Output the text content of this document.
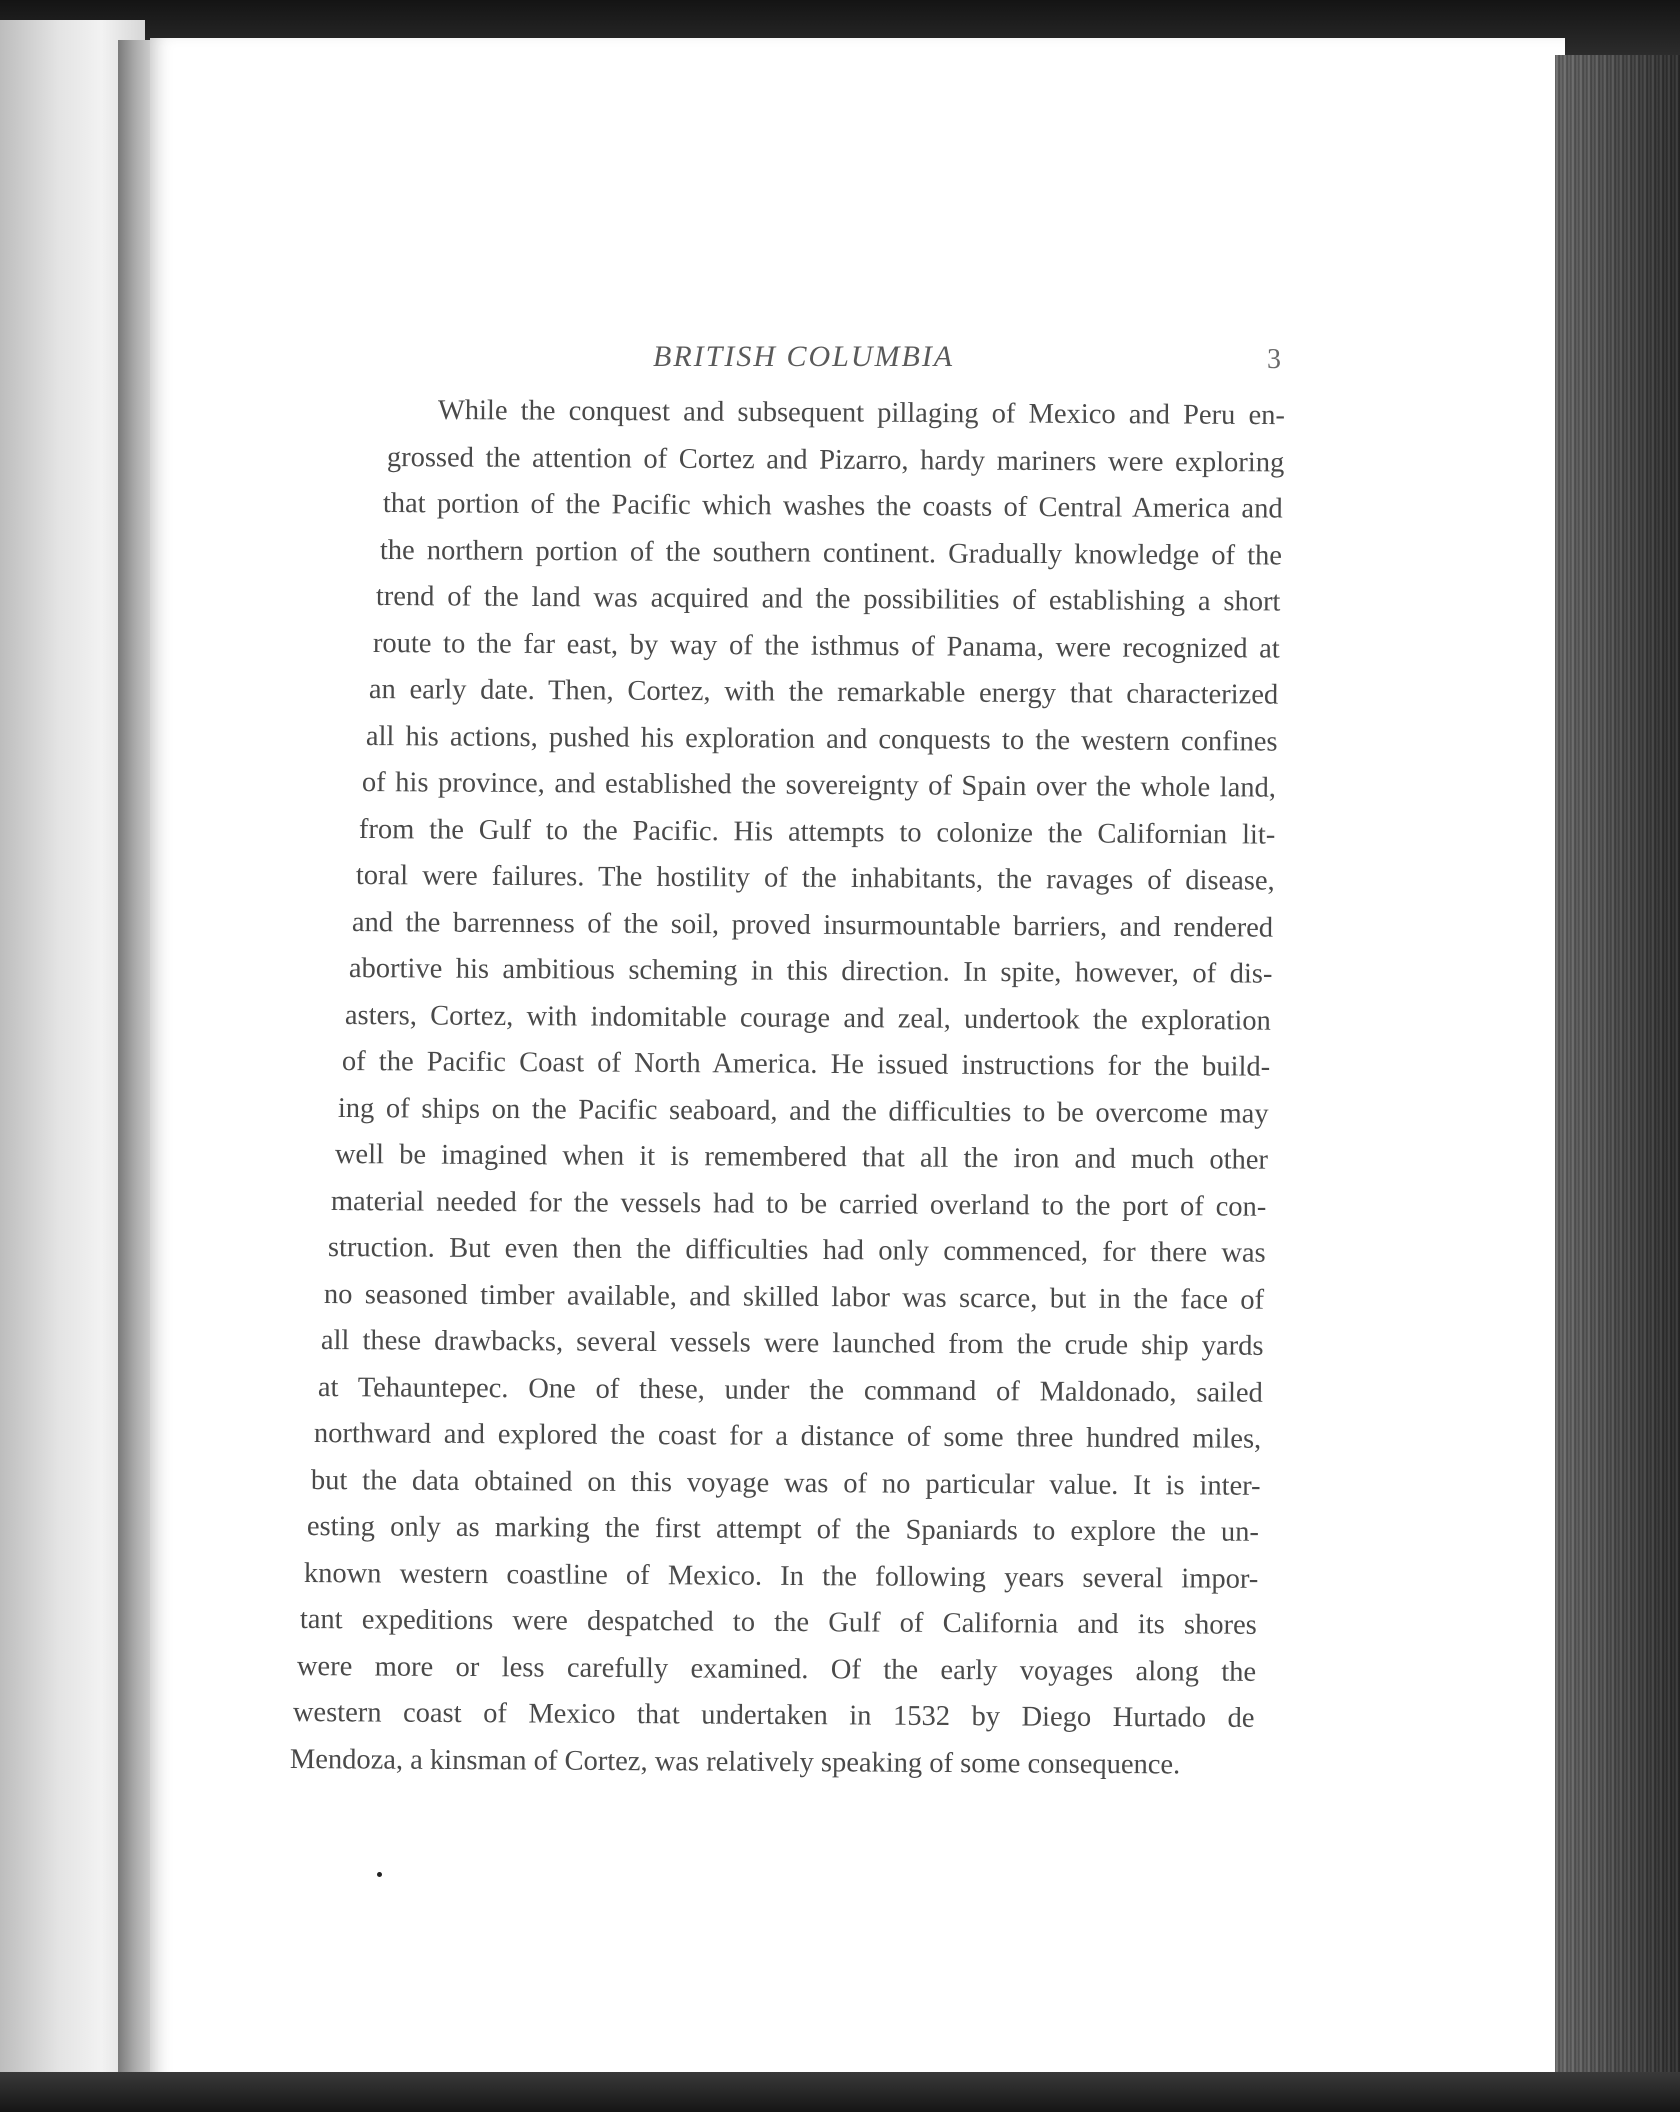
BRITISH COLUMBIA	3
While the conquest and subsequent pillaging of Mexico and Peru en-
grossed the attention of Cortez and Pizarro, hardy mariners were exploring
that portion of the Pacific which washes the coasts of Central America and
the northern portion of the southern continent. Gradually knowledge of the
trend of the land was acquired and the possibilities of establishing a short
route to the far east, by way of the isthmus of Panama, were recognized at
an early date. Then, Cortez, with the remarkable energy that characterized
all his actions, pushed his exploration and conquests to the western confines
of his province, and established the sovereignty of Spain over the whole land,
from the Gulf to the Pacific. His attempts to colonize the Californian lit-
toral were failures. The hostility of the inhabitants, the ravages of disease,
and the barrenness of the soil, proved insurmountable barriers, and rendered
abortive his ambitious scheming in this direction. In spite, however, of dis-
asters, Cortez, with indomitable courage and zeal, undertook the exploration
of the Pacific Coast of North America. He issued instructions for the build-
ing of ships on the Pacific seaboard, and the difficulties to be overcome may
well be imagined when it is remembered that all the iron and much other
material needed for the vessels had to be carried overland to the port of con-
struction. But even then the difficulties had only commenced, for there was
no seasoned timber available, and skilled labor was scarce, but in the face of
all these drawbacks, several vessels were launched from the crude ship yards
at Tehauntepec. One of these, under the command of Maldonado, sailed
northward and explored the coast for a distance of some three hundred miles,
but the data obtained on this voyage was of no particular value. It is inter-
esting only as marking the first attempt of the Spaniards to explore the un-
known western coastline of Mexico. In the following years several impor-
tant expeditions were despatched to the Gulf of California and its shores
were more or less carefully examined. Of the early voyages along the
western coast of Mexico that undertaken in 1532 by Diego Hurtado de
Mendoza, a kinsman of Cortez, was relatively speaking of some consequence.
